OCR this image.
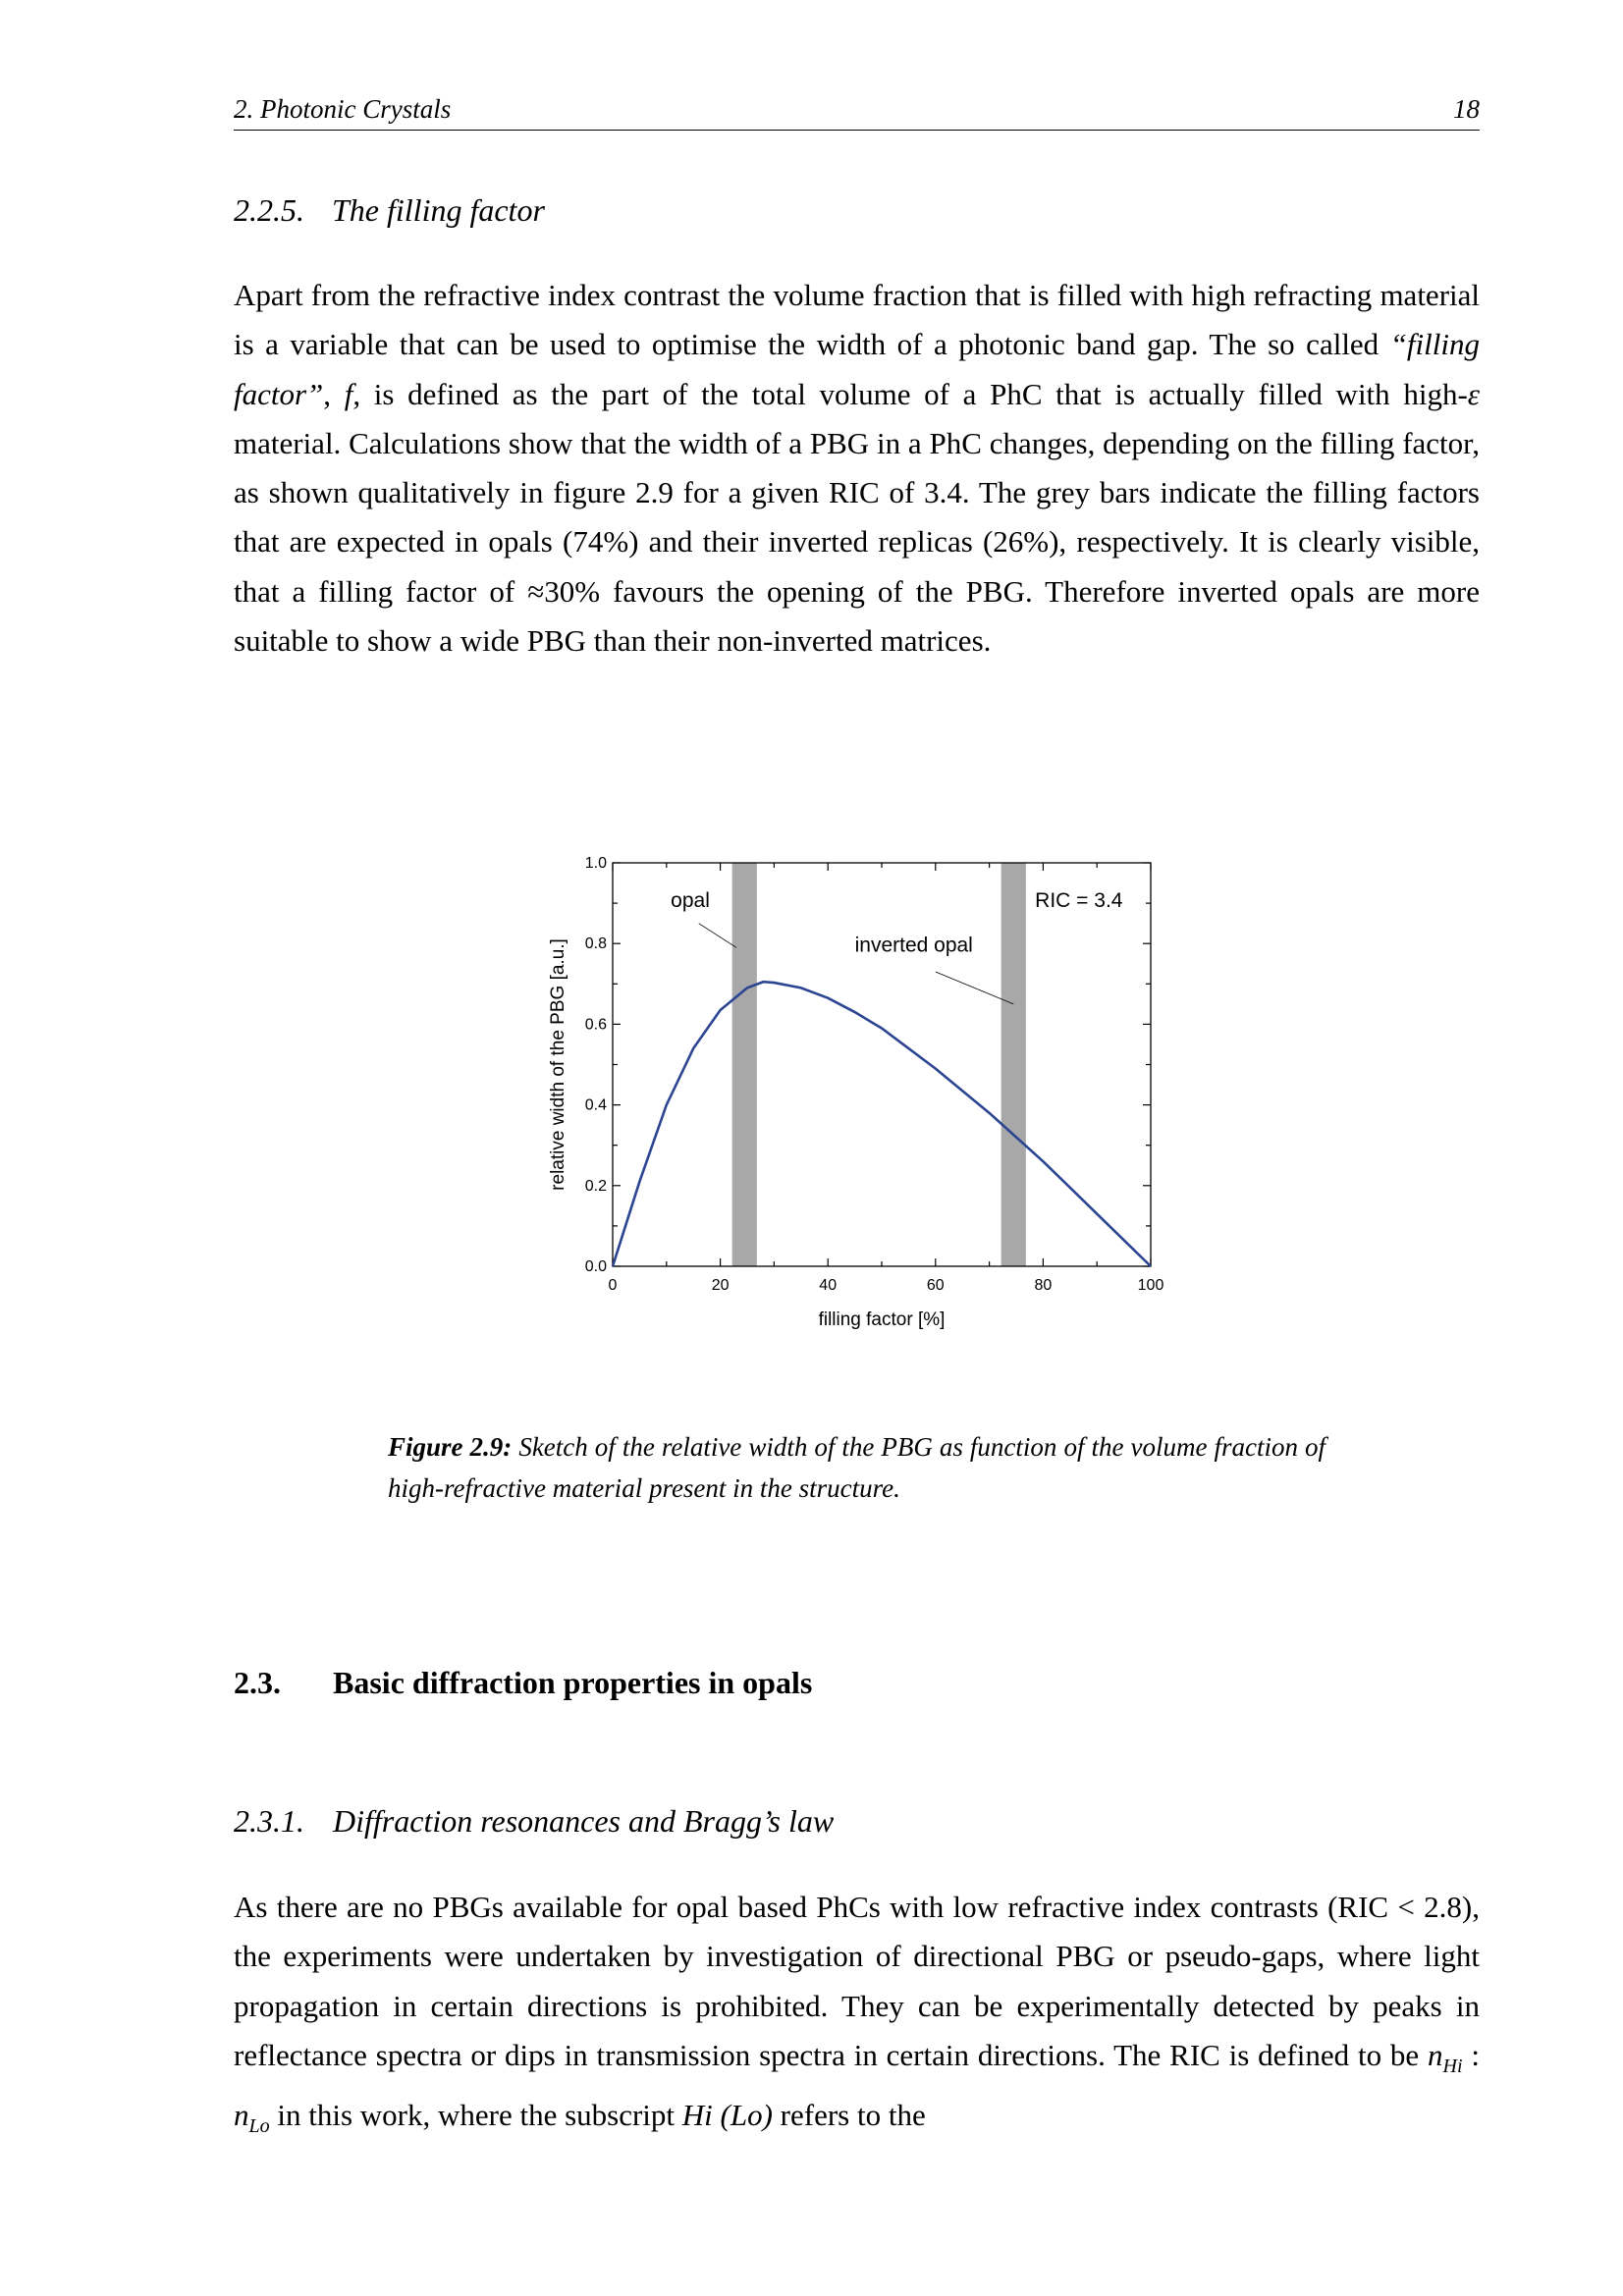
2. Photonic Crystals	18
2.2.5. The filling factor
Apart from the refractive index contrast the volume fraction that is filled with high refracting material is a variable that can be used to optimise the width of a photonic band gap. The so called “filling factor”, f, is defined as the part of the total volume of a PhC that is actually filled with high-ε material. Calculations show that the width of a PBG in a PhC changes, depending on the filling factor, as shown qualitatively in figure 2.9 for a given RIC of 3.4. The grey bars indicate the filling factors that are expected in opals (74%) and their inverted replicas (26%), respectively. It is clearly visible, that a filling factor of ≈30% favours the opening of the PBG. Therefore inverted opals are more suitable to show a wide PBG than their non-inverted matrices.
0	20	40	60	80	100
0.0
0.2
0.4
0.6
0.8
1.0
opal
inverted opal
RIC = 3.4
filling factor [%]
relative width of the PBG [a.u.]
Figure 2.9: Sketch of the relative width of the PBG as function of the volume fraction of high-refractive material present in the structure.
2.3. Basic diffraction properties in opals
2.3.1. Diffraction resonances and Bragg’s law
As there are no PBGs available for opal based PhCs with low refractive index contrasts (RIC < 2.8), the experiments were undertaken by investigation of directional PBG or pseudo-gaps, where light propagation in certain directions is prohibited. They can be experimentally detected by peaks in reflectance spectra or dips in transmission spectra in certain directions. The RIC is defined to be $n_{Hi}$ : $n_{Lo}$ in this work, where the subscript Hi (Lo) refers to the
